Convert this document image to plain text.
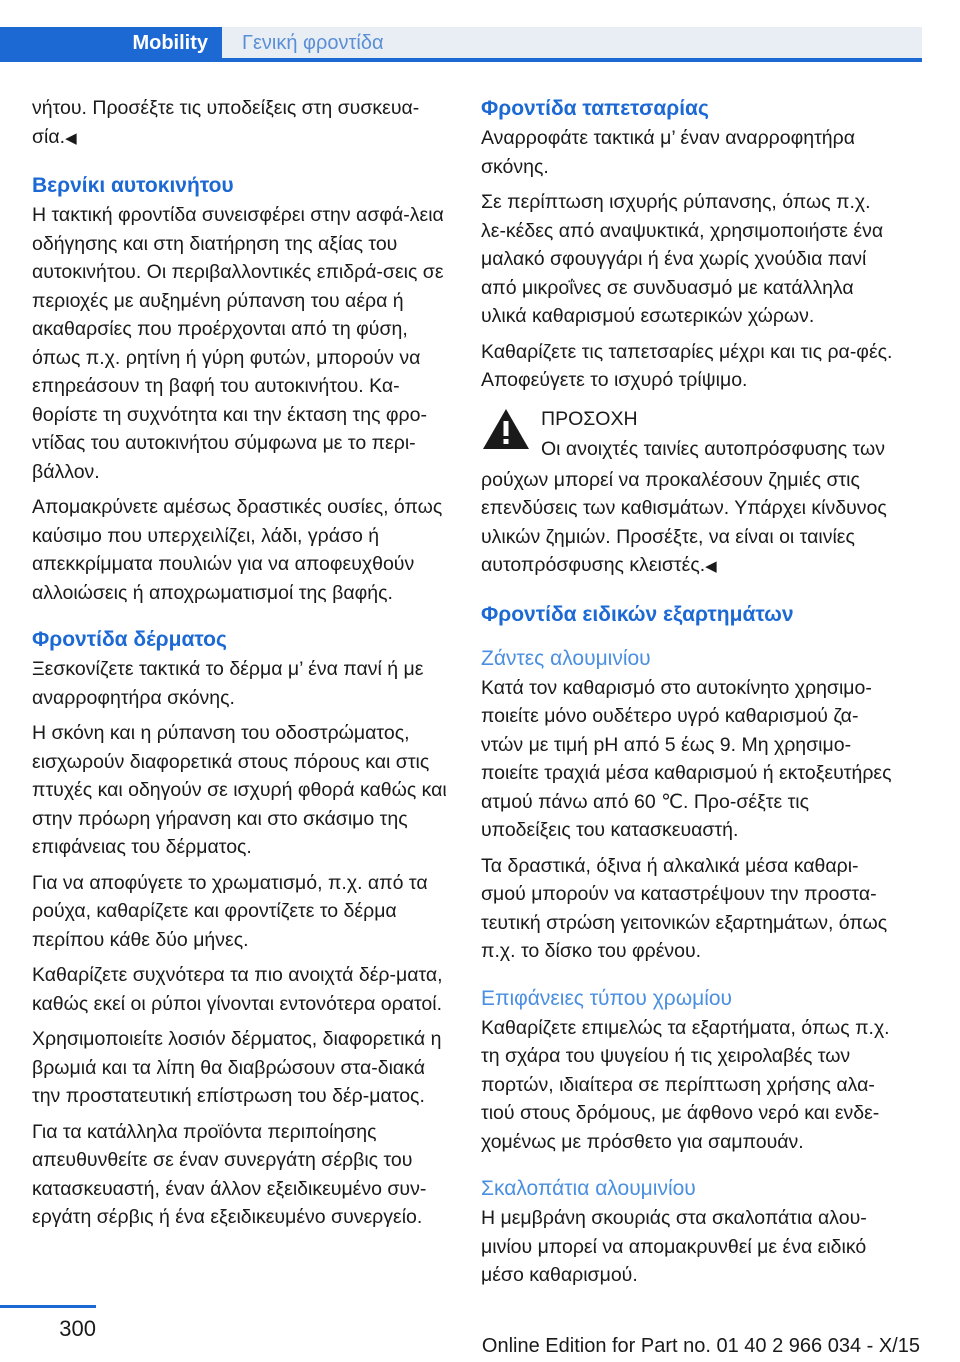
Mobility	Γενική φροντίδα

νήτου. Προσέξτε τις υποδείξεις στη συσκευα-σία.◀

Βερνίκι αυτοκινήτου

Η τακτική φροντίδα συνεισφέρει στην ασφά-λεια οδήγησης και στη διατήρηση της αξίας του αυτοκινήτου. Οι περιβαλλοντικές επιδρά-σεις σε περιοχές με αυξημένη ρύπανση του αέρα ή ακαθαρσίες που προέρχονται από τη φύση, όπως π.χ. ρητίνη ή γύρη φυτών, μπορούν να επηρεάσουν τη βαφή του αυτοκινήτου. Κα-θορίστε τη συχνότητα και την έκταση της φρο-ντίδας του αυτοκινήτου σύμφωνα με το περι-βάλλον.

Απομακρύνετε αμέσως δραστικές ουσίες, όπως καύσιμο που υπερχειλίζει, λάδι, γράσο ή απεκκρίμματα πουλιών για να αποφευχθούν αλλοιώσεις ή αποχρωματισμοί της βαφής.

Φροντίδα δέρματος

Ξεσκονίζετε τακτικά το δέρμα μ’ ένα πανί ή με αναρροφητήρα σκόνης.

Η σκόνη και η ρύπανση του οδοστρώματος, εισχωρούν διαφορετικά στους πόρους και στις πτυχές και οδηγούν σε ισχυρή φθορά καθώς και στην πρόωρη γήρανση και στο σκάσιμο της επιφάνειας του δέρματος.

Για να αποφύγετε το χρωματισμό, π.χ. από τα ρούχα, καθαρίζετε και φροντίζετε το δέρμα περίπου κάθε δύο μήνες.

Καθαρίζετε συχνότερα τα πιο ανοιχτά δέρ-ματα, καθώς εκεί οι ρύποι γίνονται εντονότερα ορατοί.

Χρησιμοποιείτε λοσιόν δέρματος, διαφορετικά η βρωμιά και τα λίπη θα διαβρώσουν στα-διακά την προστατευτική επίστρωση του δέρ-ματος.

Για τα κατάλληλα προϊόντα περιποίησης απευθυνθείτε σε έναν συνεργάτη σέρβις του κατασκευαστή, έναν άλλον εξειδικευμένο συν-εργάτη σέρβις ή ένα εξειδικευμένο συνεργείο.

Φροντίδα ταπετσαρίας

Αναρροφάτε τακτικά μ’ έναν αναρροφητήρα σκόνης.

Σε περίπτωση ισχυρής ρύπανσης, όπως π.χ. λε-κέδες από αναψυκτικά, χρησιμοποιήστε ένα μαλακό σφουγγάρι ή ένα χωρίς χνούδια πανί από μικροΐνες σε συνδυασμό με κατάλληλα υλικά καθαρισμού εσωτερικών χώρων.

Καθαρίζετε τις ταπετσαρίες μέχρι και τις ρα-φές. Αποφεύγετε το ισχυρό τρίψιμο.

ΠΡΟΣΟΧΗ

Οι ανοιχτές ταινίες αυτοπρόσφυσης των

ρούχων μπορεί να προκαλέσουν ζημιές στις επενδύσεις των καθισμάτων. Υπάρχει κίνδυνος υλικών ζημιών. Προσέξτε, να είναι οι ταινίες αυτοπρόσφυσης κλειστές.◀

Φροντίδα ειδικών εξαρτημάτων
Ζάντες αλουμινίου

Κατά τον καθαρισμό στο αυτοκίνητο χρησιμο-ποιείτε μόνο ουδέτερο υγρό καθαρισμού ζα-ντών με τιμή pH από 5 έως 9. Μη χρησιμο-ποιείτε τραχιά μέσα καθαρισμού ή εκτοξευτήρες ατμού πάνω από 60 ℃. Προ-σέξτε τις υποδείξεις του κατασκευαστή.

Τα δραστικά, όξινα ή αλκαλικά μέσα καθαρι-σμού μπορούν να καταστρέψουν την προστα-τευτική στρώση γειτονικών εξαρτημάτων, όπως π.χ. το δίσκο του φρένου.

Επιφάνειες τύπου χρωμίου

Καθαρίζετε επιμελώς τα εξαρτήματα, όπως π.χ. τη σχάρα του ψυγείου ή τις χειρολαβές των πορτών, ιδιαίτερα σε περίπτωση χρήσης αλα-τιού στους δρόμους, με άφθονο νερό και ενδε-χομένως με πρόσθετο για σαμπουάν.

Σκαλοπάτια αλουμινίου

Η μεμβράνη σκουριάς στα σκαλοπάτια αλου-μινίου μπορεί να απομακρυνθεί με ένα ειδικό μέσο καθαρισμού.

300
Online Edition for Part no. 01 40 2 966 034 - X/15
